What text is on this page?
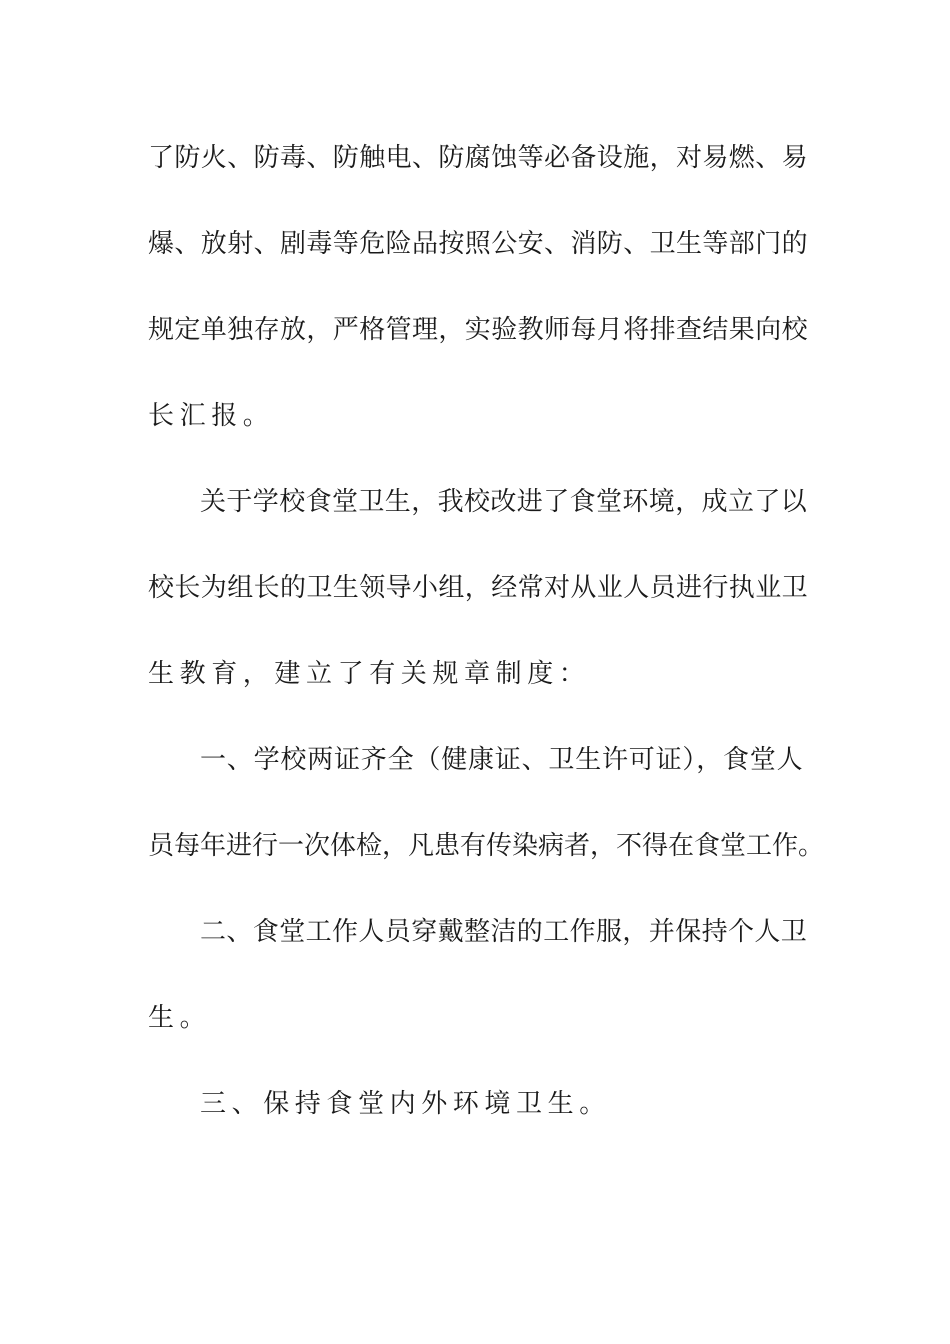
了防火、防毒、防触电、防腐蚀等必备设施，对易燃、易
爆、放射、剧毒等危险品按照公安、消防、卫生等部门的
规定单独存放，严格管理，实验教师每月将排查结果向校
长汇报。
关于学校食堂卫生，我校改进了食堂环境，成立了以
校长为组长的卫生领导小组，经常对从业人员进行执业卫
生教育，建立了有关规章制度：
一、学校两证齐全（健康证、卫生许可证），食堂人
员每年进行一次体检，凡患有传染病者，不得在食堂工作。
二、食堂工作人员穿戴整洁的工作服，并保持个人卫
生。
三、保持食堂内外环境卫生。
